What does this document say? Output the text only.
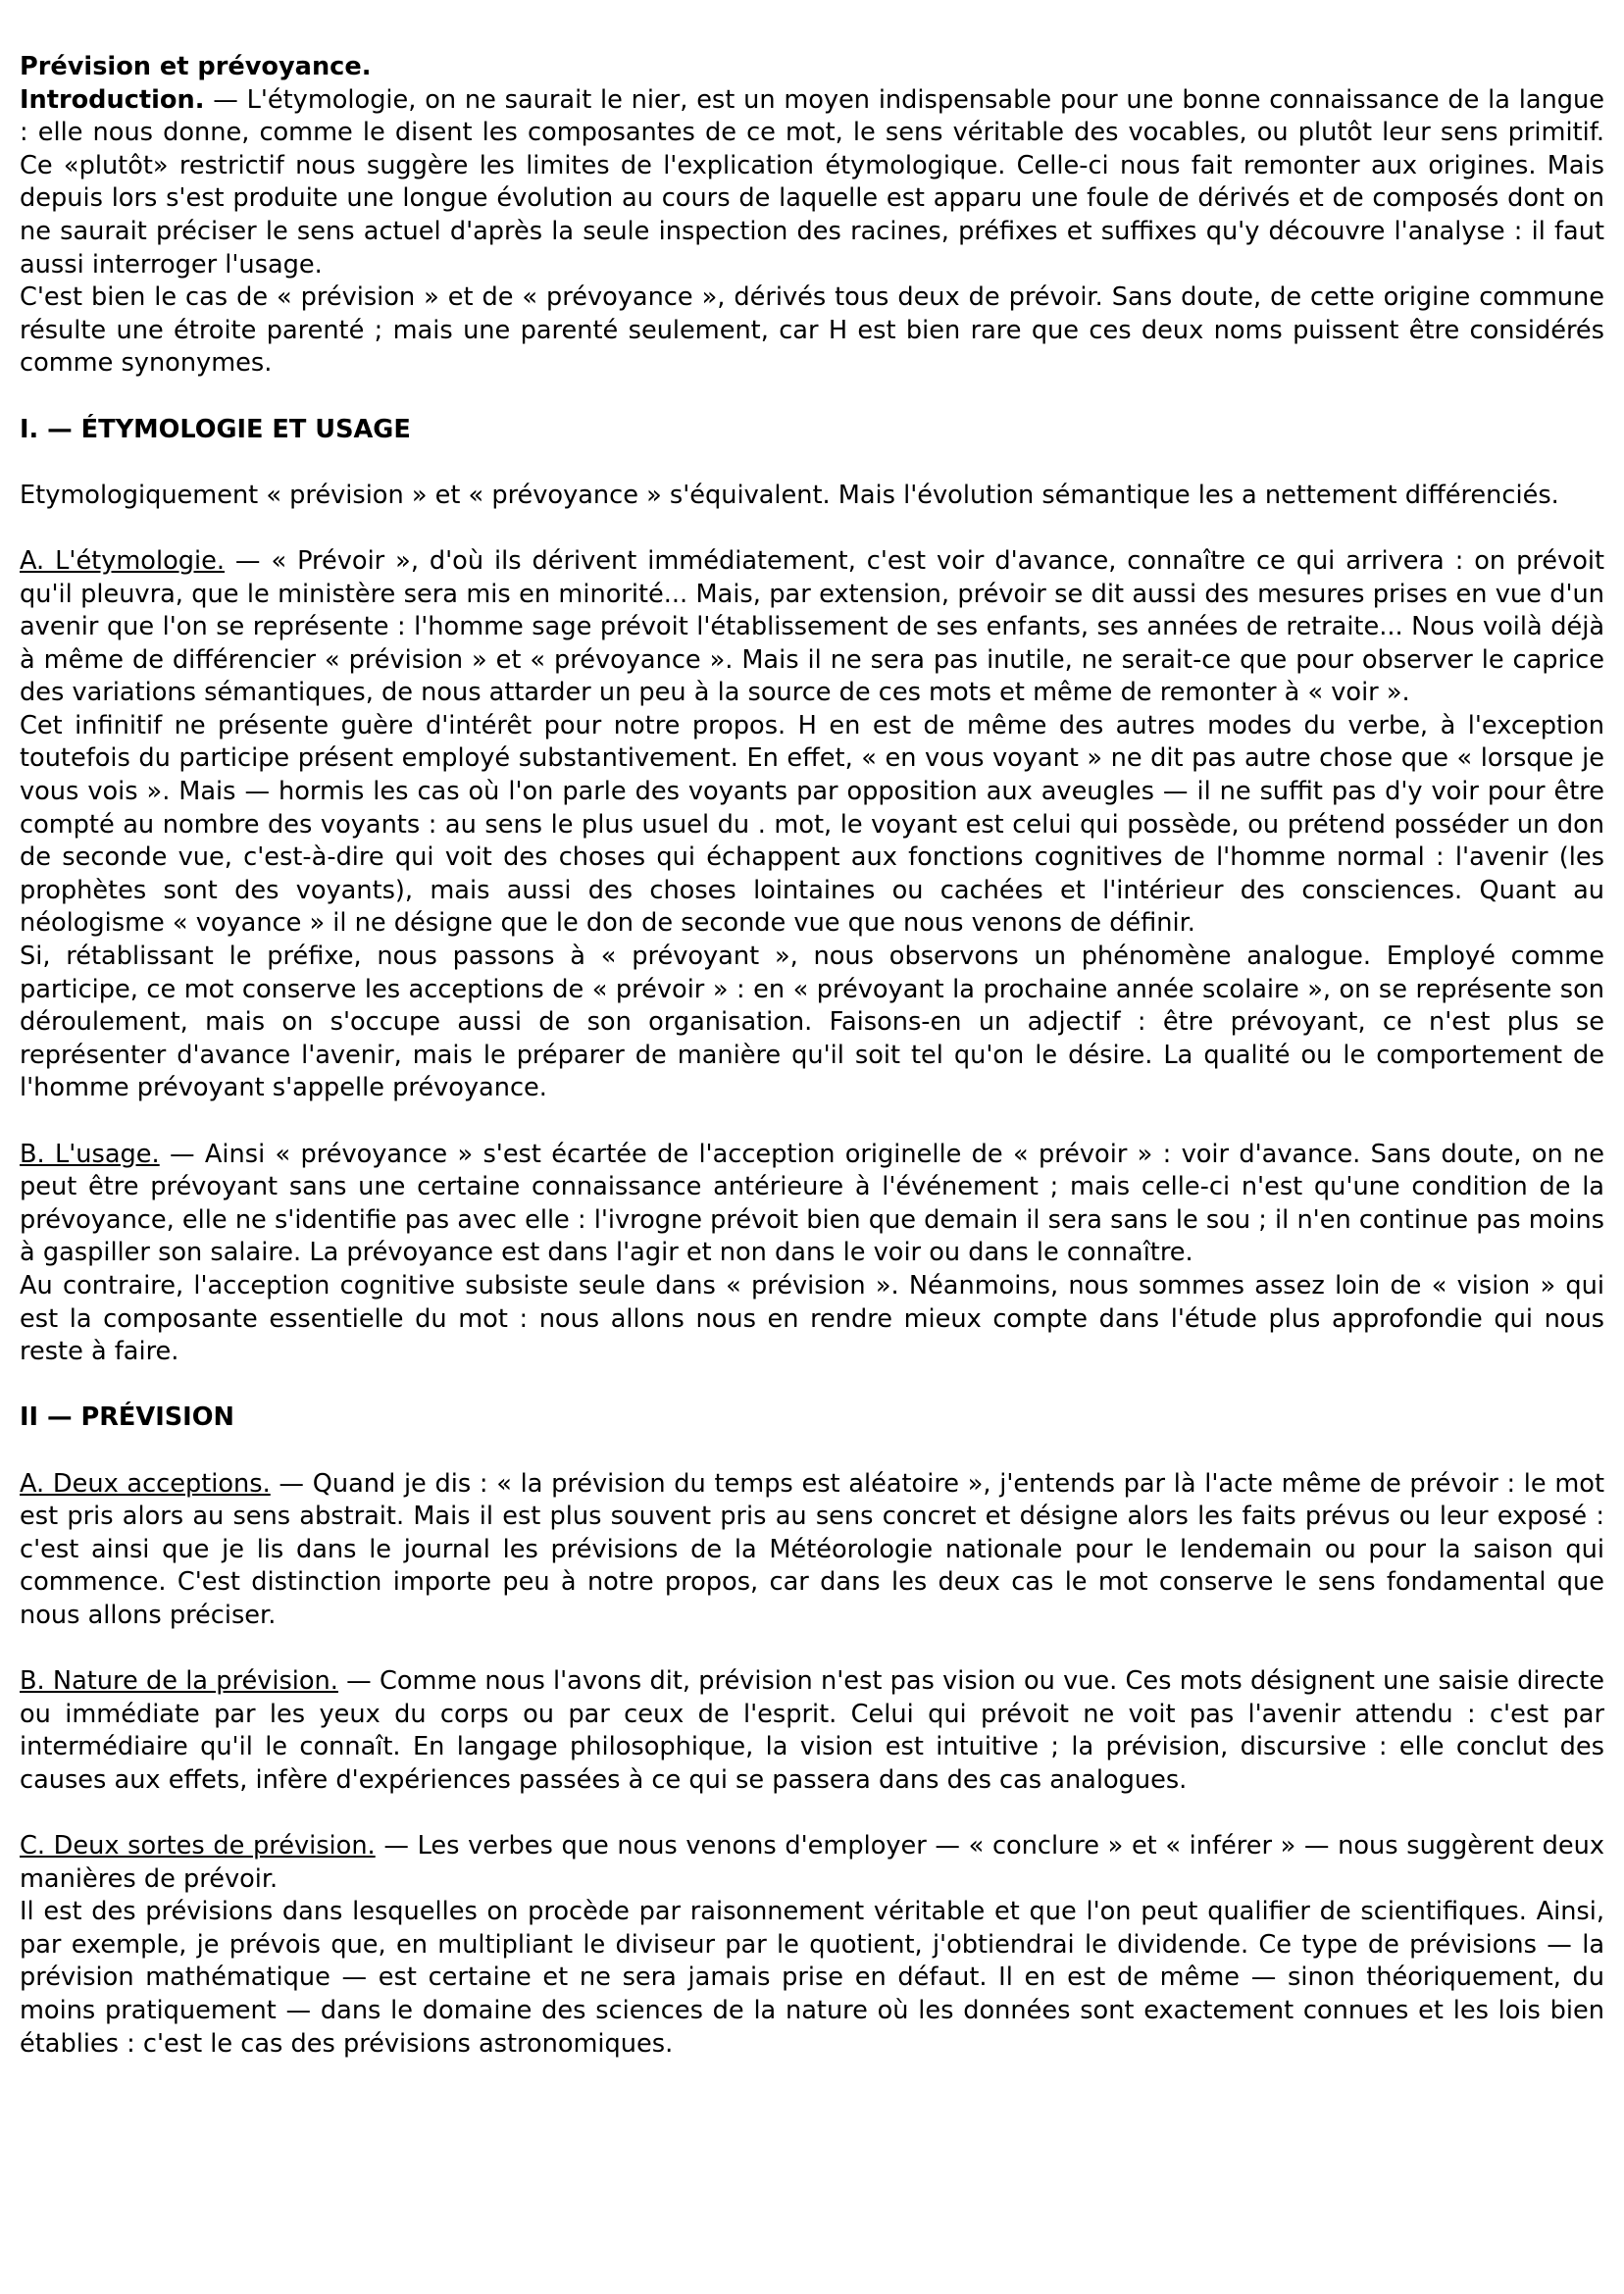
Prévision et prévoyance.

Introduction. — L'étymologie, on ne saurait le nier, est un moyen indispensable pour une bonne connaissance de la langue : elle nous donne, comme le disent les composantes de ce mot, le sens véritable des vocables, ou plutôt leur sens primitif. Ce «plutôt» restrictif nous suggère les limites de l'explication étymologique. Celle-ci nous fait remonter aux origines. Mais depuis lors s'est produite une longue évolution au cours de laquelle est apparu une foule de dérivés et de composés dont on ne saurait préciser le sens actuel d'après la seule inspection des racines, préfixes et suffixes qu'y découvre l'analyse : il faut aussi interroger l'usage.

C'est bien le cas de « prévision » et de « prévoyance », dérivés tous deux de prévoir. Sans doute, de cette origine commune résulte une étroite parenté ; mais une parenté seulement, car H est bien rare que ces deux noms puissent être considérés comme synonymes.

I. — ÉTYMOLOGIE ET USAGE

Etymologiquement « prévision » et « prévoyance » s'équivalent. Mais l'évolution sémantique les a nettement différenciés.

A. L'étymologie. — « Prévoir », d'où ils dérivent immédiatement, c'est voir d'avance, connaître ce qui arrivera : on prévoit qu'il pleuvra, que le ministère sera mis en minorité... Mais, par extension, prévoir se dit aussi des mesures prises en vue d'un avenir que l'on se représente : l'homme sage prévoit l'établissement de ses enfants, ses années de retraite... Nous voilà déjà à même de différencier « prévision » et « prévoyance ». Mais il ne sera pas inutile, ne serait-ce que pour observer le caprice des variations sémantiques, de nous attarder un peu à la source de ces mots et même de remonter à « voir ».

Cet infinitif ne présente guère d'intérêt pour notre propos. H en est de même des autres modes du verbe, à l'exception toutefois du participe présent employé substantivement. En effet, « en vous voyant » ne dit pas autre chose que « lorsque je vous vois ». Mais — hormis les cas où l'on parle des voyants par opposition aux aveugles — il ne suffit pas d'y voir pour être compté au nombre des voyants : au sens le plus usuel du . mot, le voyant est celui qui possède, ou prétend posséder un don de seconde vue, c'est-à-dire qui voit des choses qui échappent aux fonctions cognitives de l'homme normal : l'avenir (les prophètes sont des voyants), mais aussi des choses lointaines ou cachées et l'intérieur des consciences. Quant au néologisme « voyance » il ne désigne que le don de seconde vue que nous venons de définir.

Si, rétablissant le préfixe, nous passons à « prévoyant », nous observons un phénomène analogue. Employé comme participe, ce mot conserve les acceptions de « prévoir » : en « prévoyant la prochaine année scolaire », on se représente son déroulement, mais on s'occupe aussi de son organisation. Faisons-en un adjectif : être prévoyant, ce n'est plus se représenter d'avance l'avenir, mais le préparer de manière qu'il soit tel qu'on le désire. La qualité ou le comportement de l'homme prévoyant s'appelle prévoyance.

B. L'usage. — Ainsi « prévoyance » s'est écartée de l'acception originelle de « prévoir » : voir d'avance. Sans doute, on ne peut être prévoyant sans une certaine connaissance antérieure à l'événement ; mais celle-ci n'est qu'une condition de la prévoyance, elle ne s'identifie pas avec elle : l'ivrogne prévoit bien que demain il sera sans le sou ; il n'en continue pas moins à gaspiller son salaire. La prévoyance est dans l'agir et non dans le voir ou dans le connaître.

Au contraire, l'acception cognitive subsiste seule dans « prévision ». Néanmoins, nous sommes assez loin de « vision » qui est la composante essentielle du mot : nous allons nous en rendre mieux compte dans l'étude plus approfondie qui nous reste à faire.

II — PRÉVISION

A. Deux acceptions. — Quand je dis : « la prévision du temps est aléatoire », j'entends par là l'acte même de prévoir : le mot est pris alors au sens abstrait. Mais il est plus souvent pris au sens concret et désigne alors les faits prévus ou leur exposé : c'est ainsi que je lis dans le journal les prévisions de la Météorologie nationale pour le lendemain ou pour la saison qui commence. C'est distinction importe peu à notre propos, car dans les deux cas le mot conserve le sens fondamental que nous allons préciser.

B. Nature de la prévision. — Comme nous l'avons dit, prévision n'est pas vision ou vue. Ces mots désignent une saisie directe ou immédiate par les yeux du corps ou par ceux de l'esprit. Celui qui prévoit ne voit pas l'avenir attendu : c'est par intermédiaire qu'il le connaît. En langage philosophique, la vision est intuitive ; la prévision, discursive : elle conclut des causes aux effets, infère d'expériences passées à ce qui se passera dans des cas analogues.

C. Deux sortes de prévision. — Les verbes que nous venons d'employer — « conclure » et « inférer » — nous suggèrent deux manières de prévoir.

Il est des prévisions dans lesquelles on procède par raisonnement véritable et que l'on peut qualifier de scientifiques. Ainsi, par exemple, je prévois que, en multipliant le diviseur par le quotient, j'obtiendrai le dividende. Ce type de prévisions — la prévision mathématique — est certaine et ne sera jamais prise en défaut. Il en est de même — sinon théoriquement, du moins pratiquement — dans le domaine des sciences de la nature où les données sont exactement connues et les lois bien établies : c'est le cas des prévisions astronomiques.
